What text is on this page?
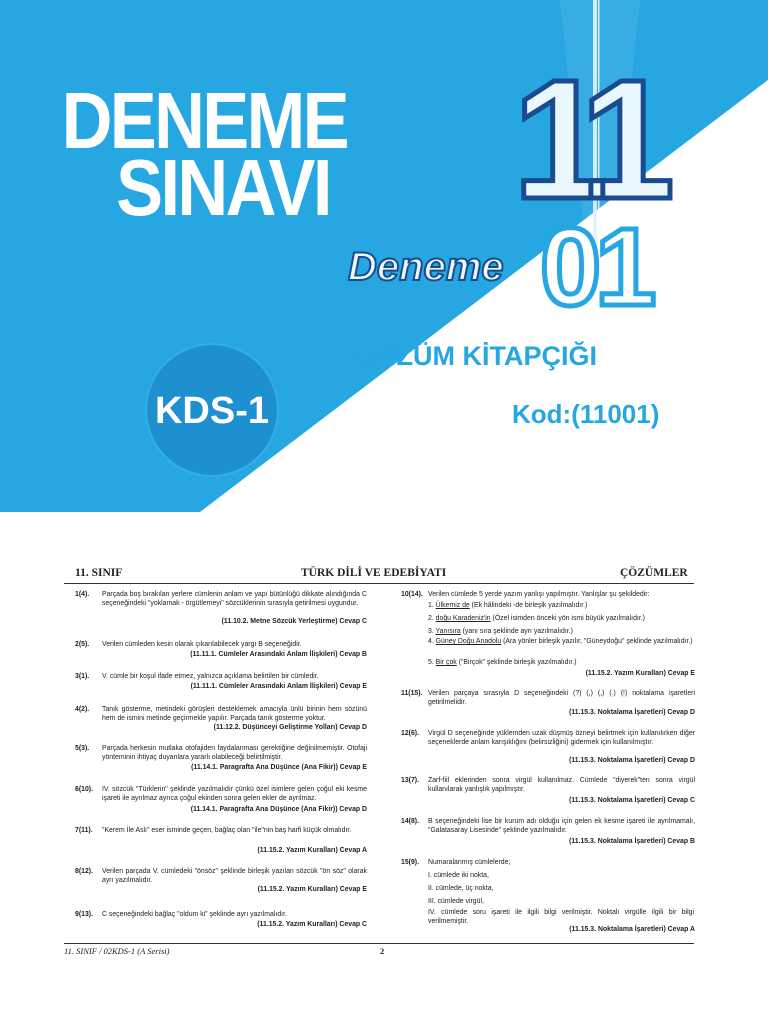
DENEME
SINAVI 11
Deneme 01
ÇÖZÜM KİTAPÇIĞI
KDS-1	Kod:(11001)
11. SINIF	TÜRK DİLİ VE EDEBİYATI	ÇÖZÜMLER
1(4). Parçada boş bırakılan yerlere cümlenin anlam ve yapı bütünlüğü dikkate alındığında C seçeneğindeki "yoklamak - örgütlemeyi" sözcüklerinin sırasıyla getirilmesi uygundur.
(11.10.2. Metne Sözcük Yerleştirme) Cevap C
2(5). Verilen cümleden kesin olarak çıkarılabilecek yargı B seçeneğidir.
(11.11.1. Cümleler Arasındaki Anlam İlişkileri) Cevap B
3(1). V. cümle bir koşul ifade etmez, yalnızca açıklama belirtilen bir cümledir.
(11.11.1. Cümleler Arasındaki Anlam İlişkileri) Cevap E
4(2). Tanık gösterme, metindeki görüşleri desteklemek amacıyla ünlü birinin hem sözünü hem de ismini metinde geçirmekle yapılır. Parçada tanık gösterme yoktur.
(11.12.2. Düşünceyi Geliştirme Yolları) Cevap D
5(3). Parçada herkesin mutlaka otofajiden faydalanması gerektiğine değinilmemiştir. Otofaji yönteminin ihtiyaç duyanlara yararlı olabileceği belirtilmiştir.
(11.14.1. Paragrafta Ana Düşünce (Ana Fikir)) Cevap E
6(10). IV. sözcük "Türklerin" şeklinde yazılmalıdır çünkü özel isimlere gelen çoğul eki kesme işareti ile ayrılmaz ayrıca çoğul ekinden sonra gelen ekler de ayrılmaz.
(11.14.1. Paragrafta Ana Düşünce (Ana Fikir)) Cevap D
7(11). "Kerem İle Aslı" eser isminde geçen, bağlaç olan "ile"nin baş harfi küçük olmalıdır.
(11.15.2. Yazım Kuralları) Cevap A
8(12). Verilen parçada V. cümledeki "önsöz" şeklinde birleşik yazılan sözcük "ön söz" olarak ayrı yazılmalıdır.
(11.15.2. Yazım Kuralları) Cevap E
9(13). C seçeneğindeki bağlaç "oldum ki" şeklinde ayrı yazılmalıdır.
(11.15.2. Yazım Kuralları) Cevap C
10(14). Verilen cümlede 5 yerde yazım yanlışı yapılmıştır. Yanlışlar şu şekildedir:
1. Ülkemiz de (Ek hâlindeki -de birleşik yazılmalıdır.)
2. doğu Karadeniz'in (Özel isimden önceki yön ismi büyük yazılmalıdır.)
3. Yanısıra (yanı sıra şeklinde ayrı yazılmalıdır.)
4. Güney Doğu Anadolu (Ara yönler birleşik yazılır, "Güneydoğu" şeklinde yazılmalıdır.)
5. Bir çok ("Birçok" şeklinde birleşik yazılmalıdır.)
(11.15.2. Yazım Kuralları) Cevap E
11(15). Verilen parçaya sırasıyla D seçeneğindeki (?) (,) (,) (.) (!) noktalama işaretleri getirilmelidir.
(11.15.3. Noktalama İşaretleri) Cevap D
12(6). Virgül D seçeneğinde yüklemden uzak düşmüş özneyi belirtmek için kullanılırken diğer seçeneklerde anlam karışıklığını (belirsizliğini) gidermek için kullanılmıştır.
(11.15.3. Noktalama İşaretleri) Cevap D
13(7). Zarf-fiil eklerinden sonra virgül kullanılmaz. Cümlede "diyerek"ten sonra virgül kullanılarak yanlışlık yapılmıştır.
(11.15.3. Noktalama İşaretleri) Cevap C
14(8). B seçeneğindeki lise bir kurum adı olduğu için gelen ek kesme işareti ile ayrılmamalı, "Galatasaray Lisesinde" şeklinde yazılmalıdır.
(11.15.3. Noktalama İşaretleri) Cevap B
15(9). Numaralanmış cümlelerde;
I. cümlede iki nokta,
II. cümlede, üç nokta,
III. cümlede virgül,
IV. cümlede soru işareti ile ilgili bilgi verilmiştir. Noktalı virgülle ilgili bir bilgi verilmemiştir.
(11.15.3. Noktalama İşaretleri) Cevap A
11. SINIF / 02KDS-1 (A Serisi)	2
